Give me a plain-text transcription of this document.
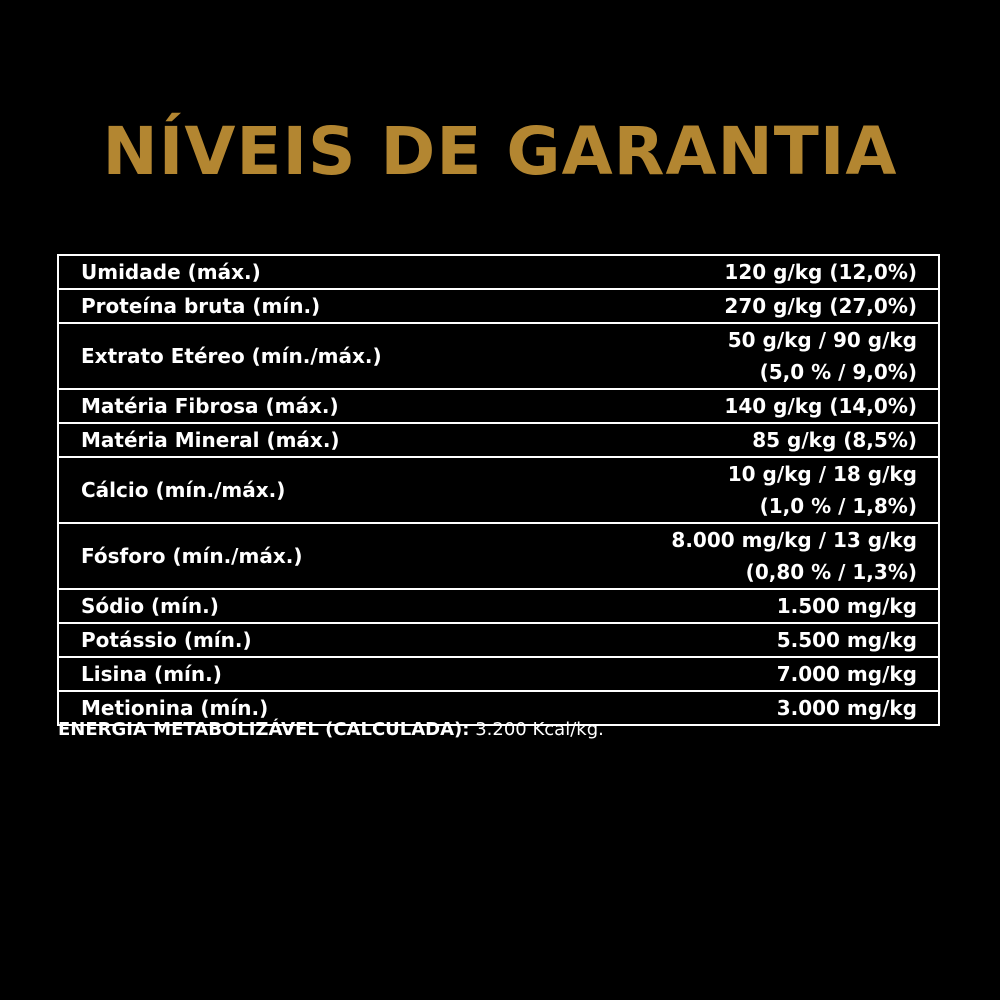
NÍVEIS DE GARANTIA
Umidade (máx.)	120 g/kg (12,0%)

Proteína bruta (mín.)	270 g/kg (27,0%)

Extrato Etéreo (mín./máx.)	50 g/kg / 90 g/kg
(5,0 % / 9,0%)

Matéria Fibrosa (máx.)	140 g/kg (14,0%)

Matéria Mineral (máx.)	85 g/kg (8,5%)

Cálcio (mín./máx.)	10 g/kg / 18 g/kg
(1,0 % / 1,8%)

Fósforo (mín./máx.)	8.000 mg/kg / 13 g/kg
(0,80 % / 1,3%)

Sódio (mín.)	1.500 mg/kg

Potássio (mín.)	5.500 mg/kg

Lisina (mín.)	7.000 mg/kg

Metionina (mín.)	3.000 mg/kg
ENERGIA METABOLIZÁVEL (CALCULADA): 3.200 Kcal/kg.
